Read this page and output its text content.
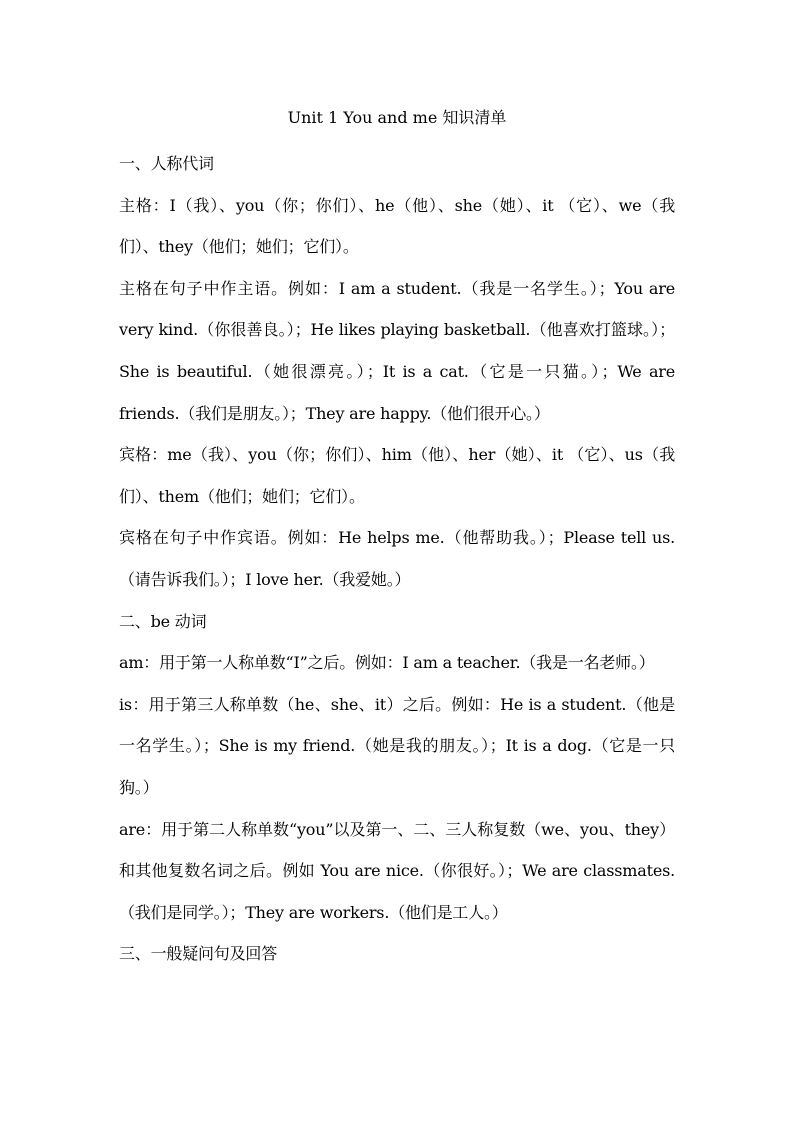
Unit 1 You and me 知识清单

一、人称代词

主格：I（我）、you（你；你们）、he（他）、she（她）、it （它）、we（我们）、they（他们；她们；它们）。

主格在句子中作主语。例如：I am a student.（我是一名学生。）；You are very kind.（你很善良。）；He likes playing basketball.（他喜欢打篮球。）；She is beautiful.（她很漂亮。）；It is a cat.（它是一只猫。）；We are friends.（我们是朋友。）；They are happy.（他们很开心。）

宾格：me（我）、you（你；你们）、him（他）、her（她）、it （它）、us（我们）、them（他们；她们；它们）。

宾格在句子中作宾语。例如：He helps me.（他帮助我。）；Please tell us.（请告诉我们。）；I love her.（我爱她。）

二、be 动词

am：用于第一人称单数“I”之后。例如：I am a teacher.（我是一名老师。）

is：用于第三人称单数（he、she、it）之后。例如：He is a student.（他是一名学生。）；She is my friend.（她是我的朋友。）；It is a dog.（它是一只狗。）

are：用于第二人称单数“you”以及第一、二、三人称复数（we、you、they）和其他复数名词之后。例如 You are nice.（你很好。）；We are classmates.（我们是同学。）；They are workers.（他们是工人。）

三、一般疑问句及回答
